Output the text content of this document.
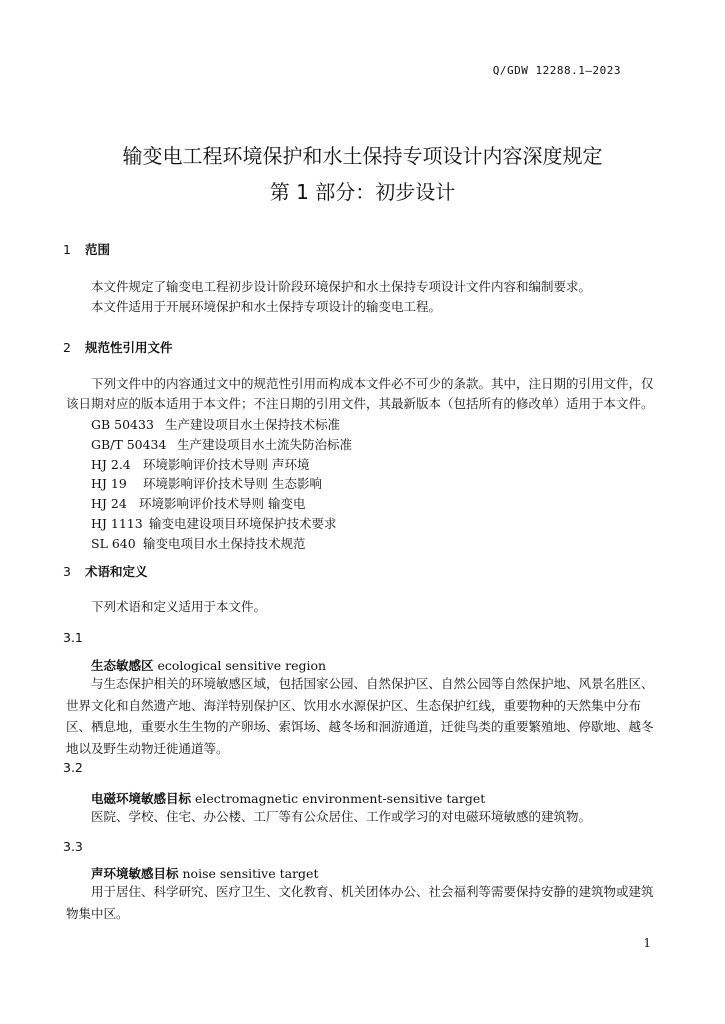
Q/GDW 12288.1—2023
输变电工程环境保护和水土保持专项设计内容深度规定
第 1 部分：初步设计
1 范围
本文件规定了输变电工程初步设计阶段环境保护和水土保持专项设计文件内容和编制要求。
本文件适用于开展环境保护和水土保持专项设计的输变电工程。
2 规范性引用文件
下列文件中的内容通过文中的规范性引用而构成本文件必不可少的条款。其中，注日期的引用文件，仅该日期对应的版本适用于本文件；不注日期的引用文件，其最新版本（包括所有的修改单）适用于本文件。
GB 50433 生产建设项目水土保持技术标准
GB/T 50434 生产建设项目水土流失防治标准
HJ 2.4 环境影响评价技术导则 声环境
HJ 19 环境影响评价技术导则 生态影响
HJ 24 环境影响评价技术导则 输变电
HJ 1113 输变电建设项目环境保护技术要求
SL 640 输变电项目水土保持技术规范
3 术语和定义
下列术语和定义适用于本文件。
3.1
生态敏感区 ecological sensitive region
与生态保护相关的环境敏感区域，包括国家公园、自然保护区、自然公园等自然保护地、风景名胜区、世界文化和自然遗产地、海洋特别保护区、饮用水水源保护区、生态保护红线，重要物种的天然集中分布区、栖息地，重要水生生物的产卵场、索饵场、越冬场和洄游通道，迁徙鸟类的重要繁殖地、停歇地、越冬地以及野生动物迁徙通道等。
3.2
电磁环境敏感目标 electromagnetic environment-sensitive target
医院、学校、住宅、办公楼、工厂等有公众居住、工作或学习的对电磁环境敏感的建筑物。
3.3
声环境敏感目标 noise sensitive target
用于居住、科学研究、医疗卫生、文化教育、机关团体办公、社会福利等需要保持安静的建筑物或建筑物集中区。
1
